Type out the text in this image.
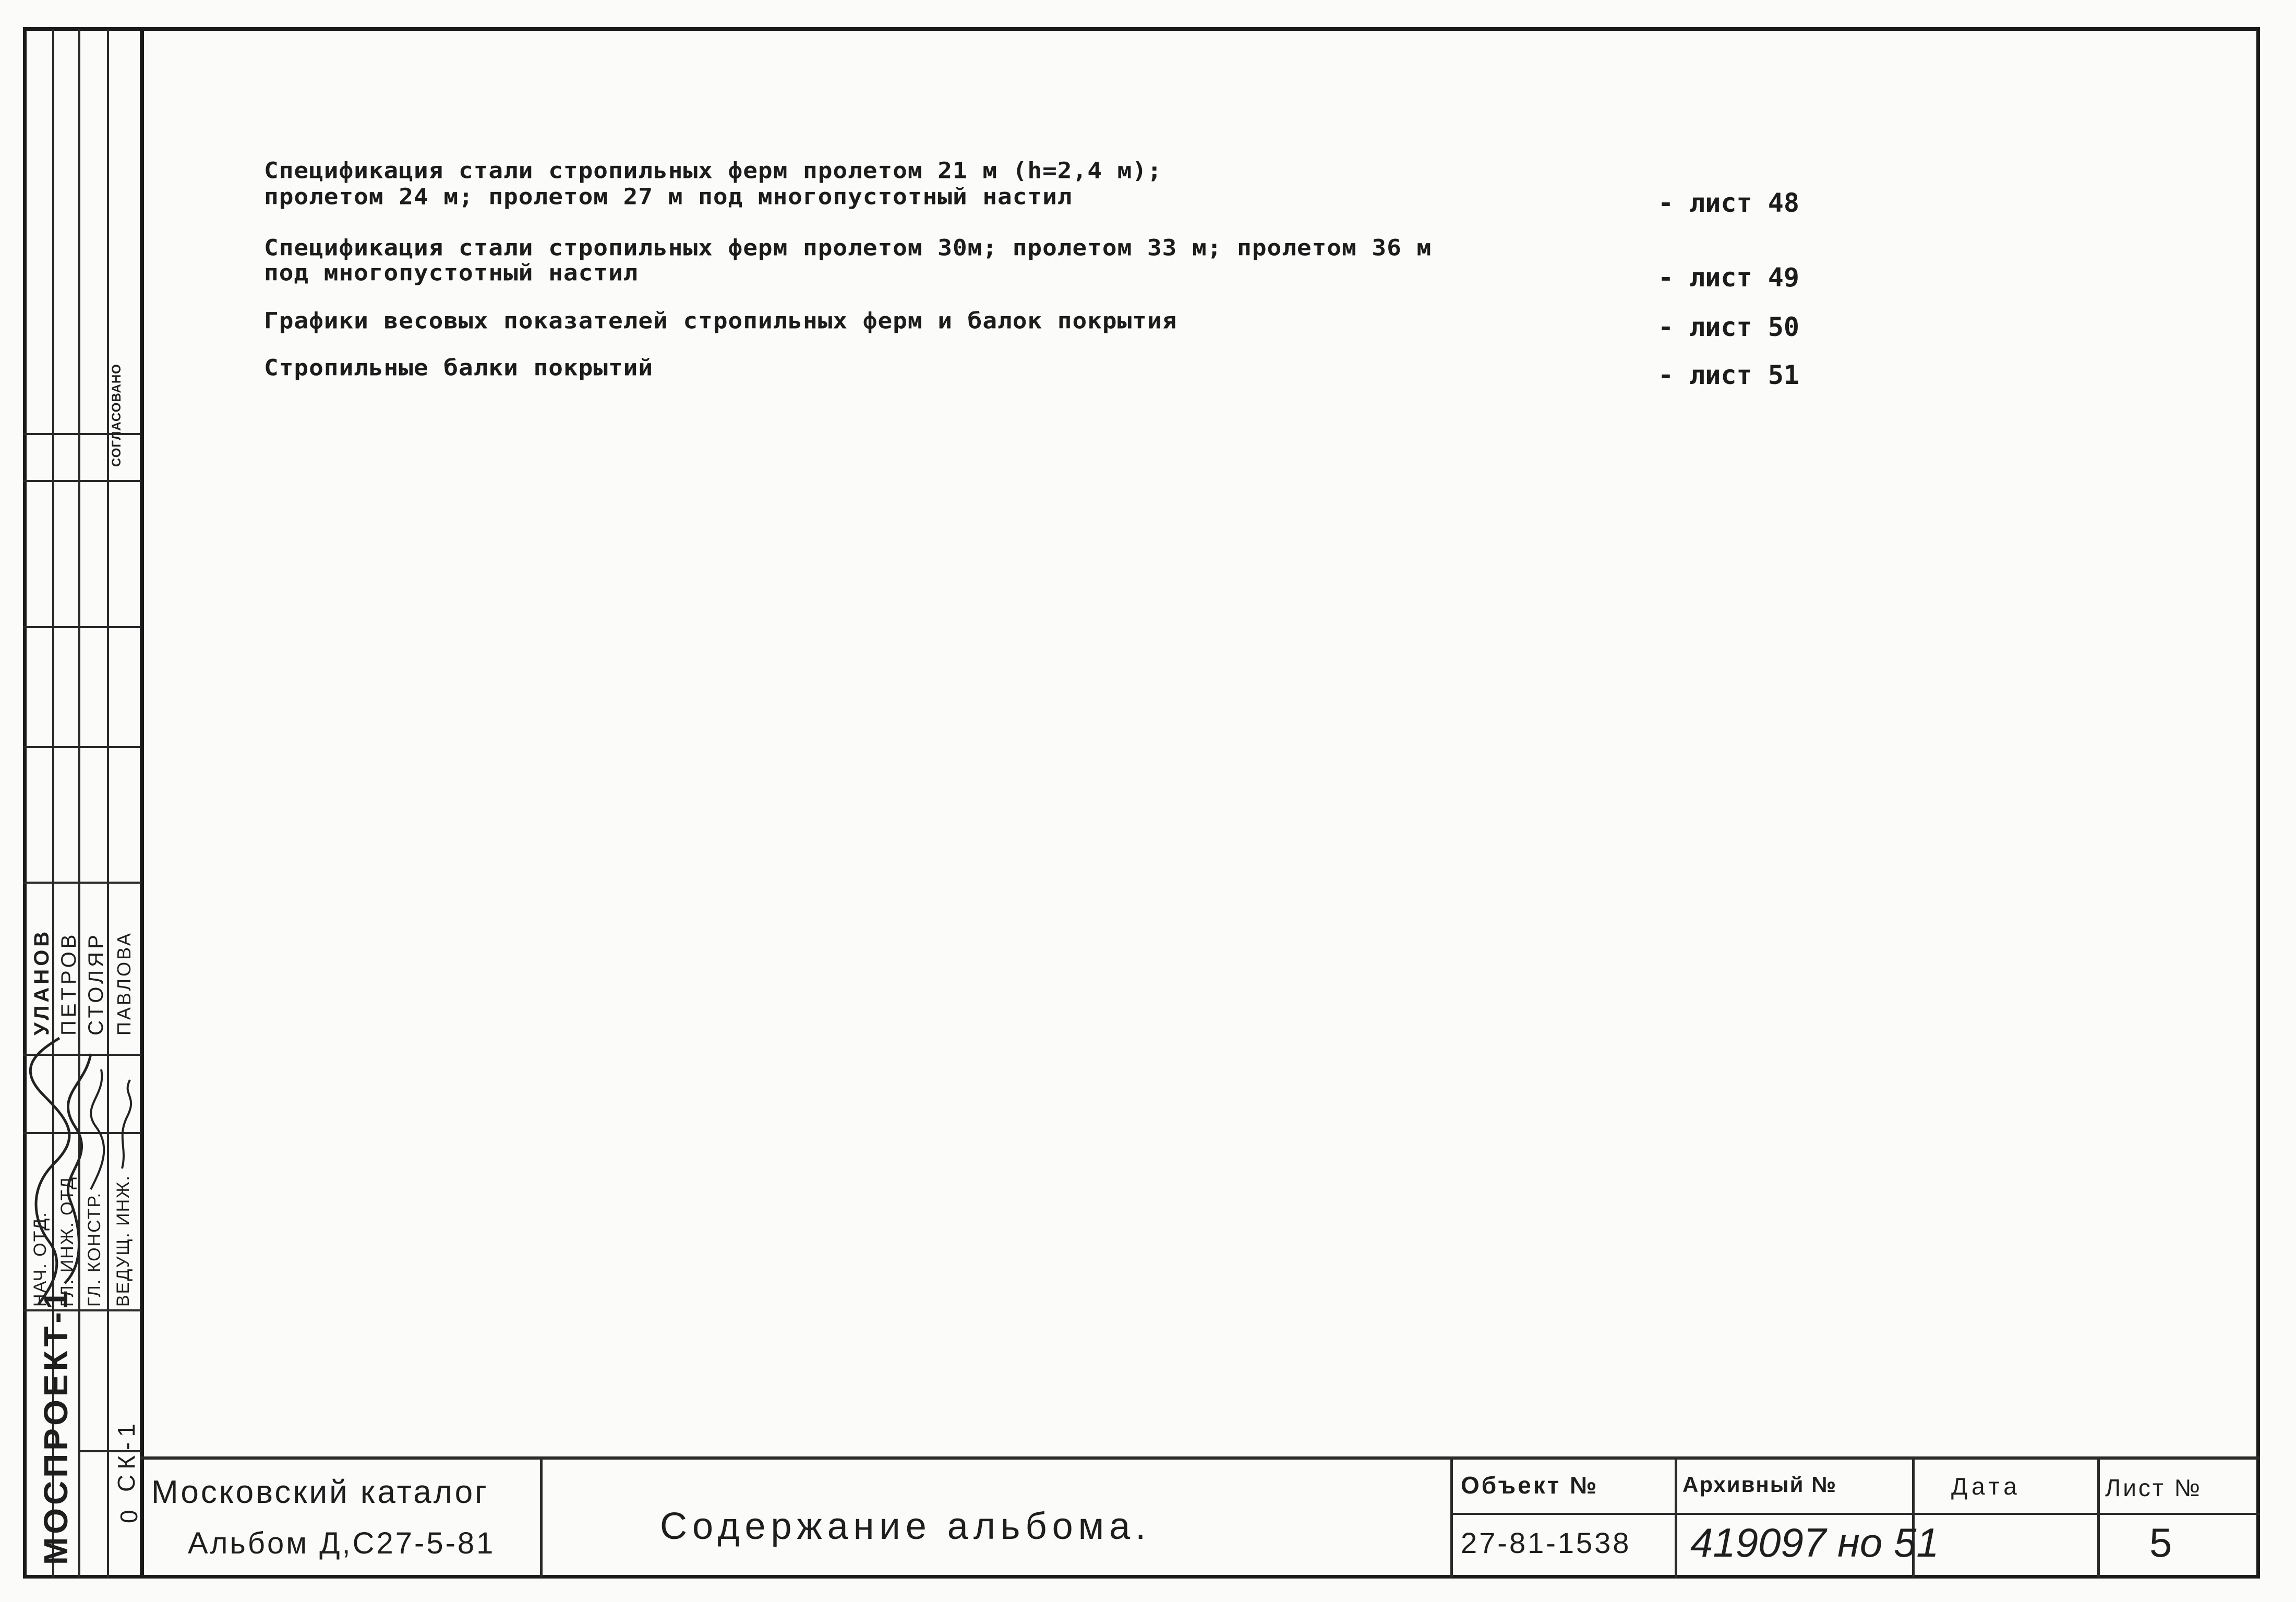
МОСПРОЕКТ-1 СК-1
0
СОГЛАСОВАНО
НАЧ. ОТД. ГЛ. ИНЖ. ОТД. ГЛ. КОНСТР. ВЕДУЩ. ИНЖ.
УЛАНОВ ПЕТРОВ СТОЛЯР ПАВЛОВА
Спецификация стали стропильных ферм пролетом 21 м (h=2,4 м);
пролетом 24 м; пролетом 27 м под многопустотный настил	- лист 48
Спецификация стали стропильных ферм пролетом 30м; пролетом 33 м; пролетом 36 м
под многопустотный настил	- лист 49
Графики весовых показателей стропильных ферм и балок покрытия	- лист 50
Стропильные балки покрытий	- лист 51
Московский каталог
Альбом Д,С27-5-81	Содержание альбома.
Объект №
27-81-1538
Архивный №
419097 но 51
Дата	Лист №
5
